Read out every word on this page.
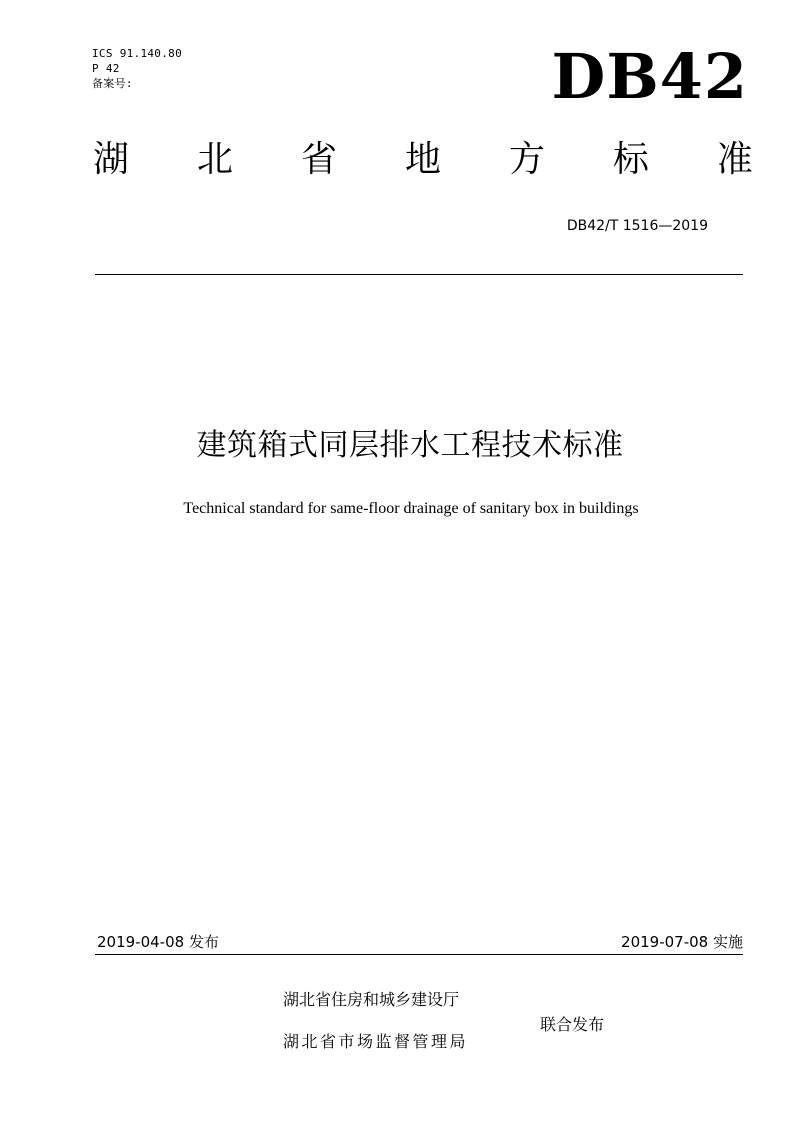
ICS 91.140.80
P 42
备案号:	DB42
湖 北 省 地 方 标 准
DB42/T 1516—2019
建筑箱式同层排水工程技术标准
Technical standard for same-floor drainage of sanitary box in buildings
2019-04-08 发布	2019-07-08 实施
湖北省住房和城乡建设厅
湖北省市场监督管理局
联合发布
